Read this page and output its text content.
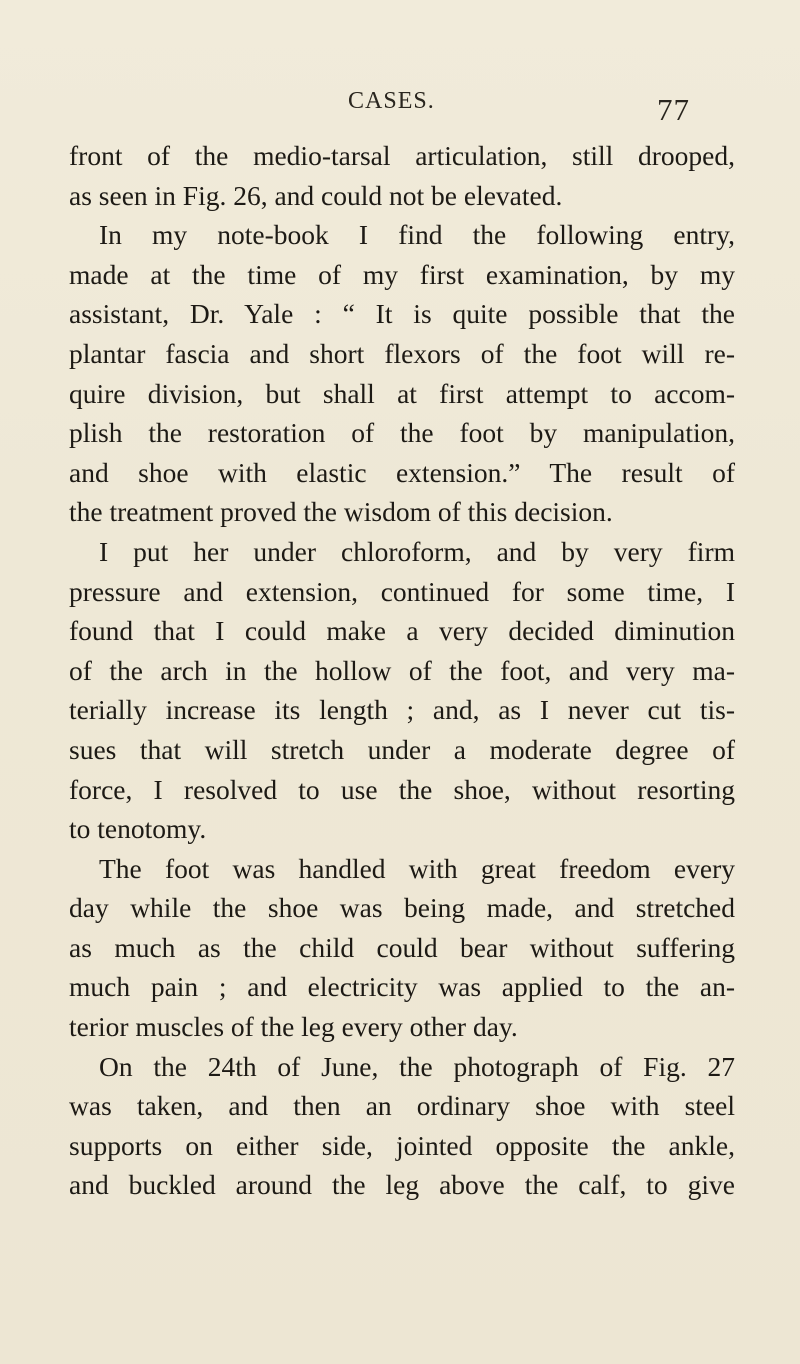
CASES.	77
front of the medio-tarsal articulation, still drooped,
as seen in Fig. 26, and could not be elevated.
In my note-book I find the following entry,
made at the time of my first examination, by my
assistant, Dr. Yale : “ It is quite possible that the
plantar fascia and short flexors of the foot will re-
quire division, but shall at first attempt to accom-
plish the restoration of the foot by manipulation,
and shoe with elastic extension.” The result of
the treatment proved the wisdom of this decision.
I put her under chloroform, and by very firm
pressure and extension, continued for some time, I
found that I could make a very decided diminution
of the arch in the hollow of the foot, and very ma-
terially increase its length ; and, as I never cut tis-
sues that will stretch under a moderate degree of
force, I resolved to use the shoe, without resorting
to tenotomy.
The foot was handled with great freedom every
day while the shoe was being made, and stretched
as much as the child could bear without suffering
much pain ; and electricity was applied to the an-
terior muscles of the leg every other day.
On the 24th of June, the photograph of Fig. 27
was taken, and then an ordinary shoe with steel
supports on either side, jointed opposite the ankle,
and buckled around the leg above the calf, to give
